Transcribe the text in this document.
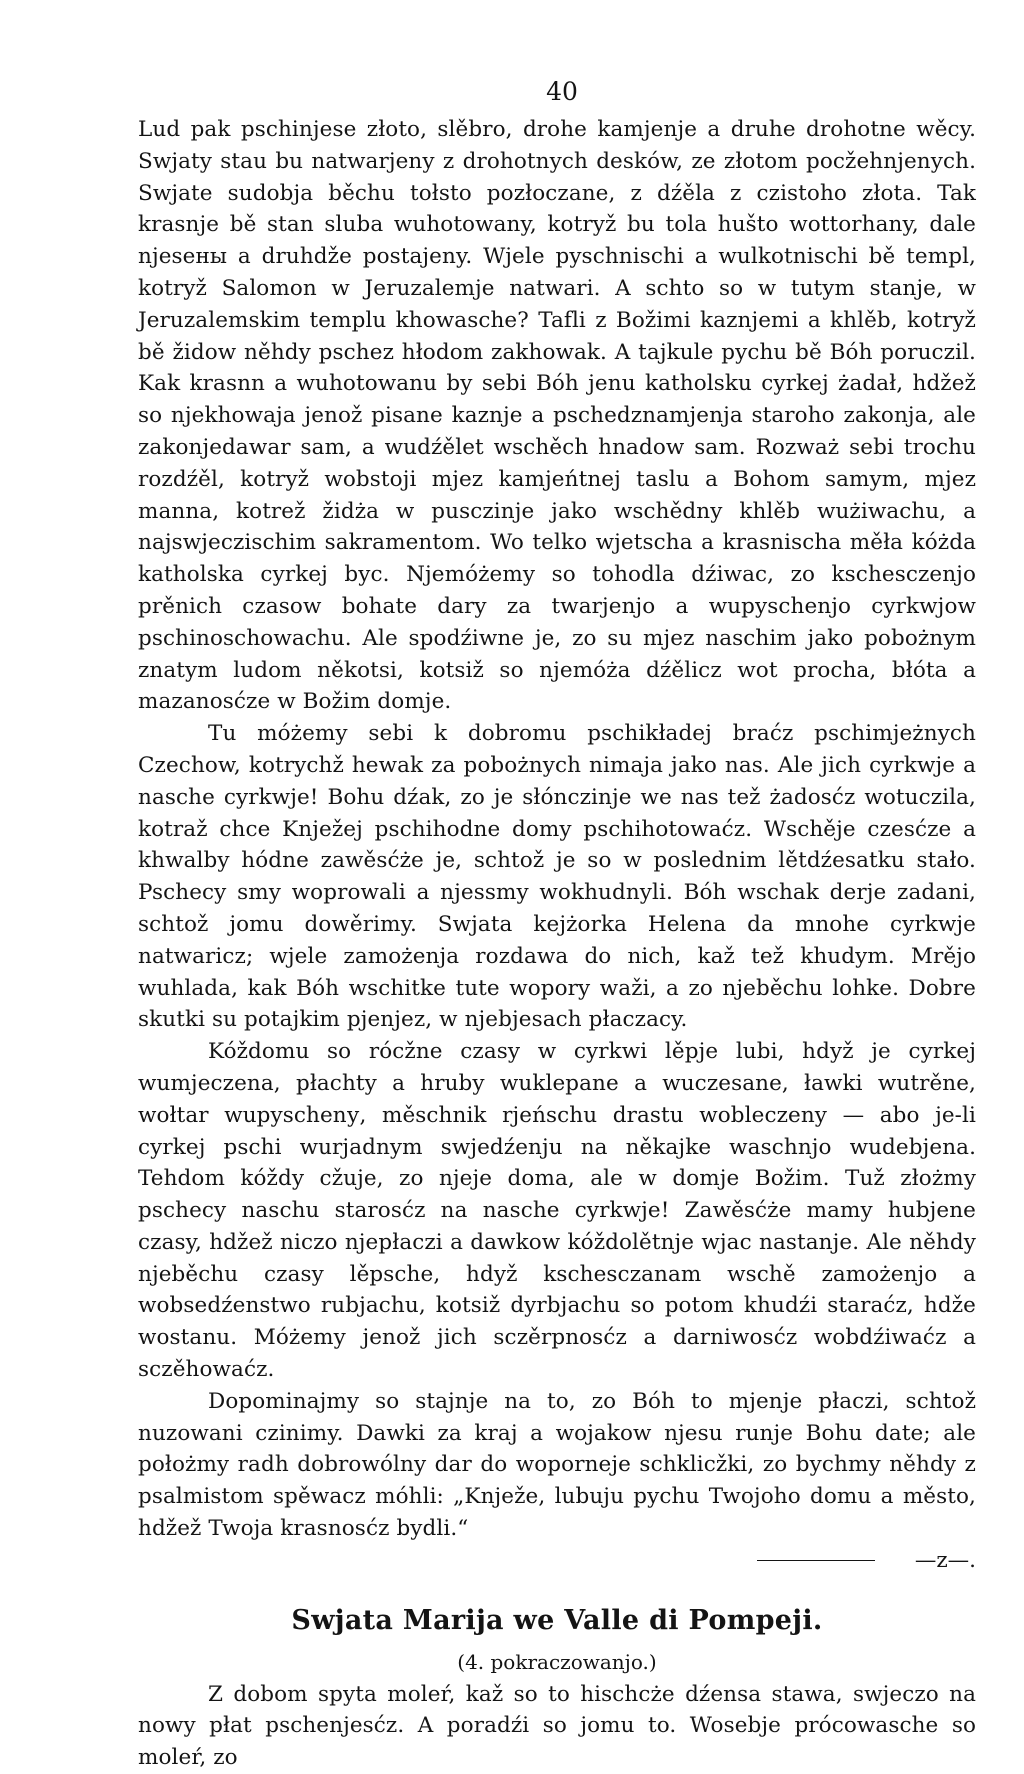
40

Lud pak pschinjese złoto, slěbro, drohe kamjenje a druhe drohotne wěcy. Swjaty stau bu natwarjeny z drohotnych desków, ze złotom pocžehnjenych. Swjate sudobja běchu tołsto pozłoczane, z dźěla z czistoho złota. Tak krasnje bě stan sluba wuhotowany, kotryž bu tola hušto wottorhany, dale njesены a druhdže postajeny. Wjele pyschnischi a wulkotnischi bě templ, kotryž Salomon w Jeruzalemje natwari. A schto so w tutym stanje, w Jeruzalemskim templu khowasche? Tafli z Božimi kaznjemi a khlěb, kotryž bě židow něhdy pschez hłodom zakhowak. A tajkule pychu bě Bóh poruczil. Kak krasnn a wuhotowanu by sebi Bóh jenu katholsku cyrkej żadał, hdžež so njekhowaja jenož pisane kaznje a pschedznamjenja staroho zakonja, ale zakonjedawar sam, a wudźělet wschěch hnadow sam. Rozważ sebi trochu rozdźěl, kotryž wobstoji mjez kamjeńtnej taslu a Bohom samym, mjez manna, kotrež židża w pusczinje jako wschědny khlěb wużiwachu, a najswjeczischim sakramentom. Wo telko wjetscha a krasnischa měła kóżda katholska cyrkej byc. Njemóżemy so tohodla dźiwac, zo kschesczenjo prěnich czasow bohate dary za twarjenjo a wupyschenjo cyrkwjow pschinoschowachu. Ale spodźiwne je, zo su mjez naschim jako pobożnym znatym ludom někotsi, kotsiž so njemóża dźělicz wot procha, błóta a mazanosćze w Božim domje.

Tu móżemy sebi k dobromu pschikładej braćz pschimjeżnych Czechow, kotrychž hewak za pobożnych nimaja jako nas. Ale jich cyrkwje a nasche cyrkwje! Bohu dźak, zo je słónczinje we nas tež żadosćz wotuczila, kotraž chce Knježej pschihodne domy pschihotowaćz. Wschěje czesćze a khwalby hódne zawěsćże je, schtož je so w poslednim lětdźesatku stało. Pschecy smy woprowali a njessmy wokhudnyli. Bóh wschak derje zadani, schtož jomu dowěrimy. Swjata kejżorka Helena da mnohe cyrkwje natwaricz; wjele zamożenja rozdawa do nich, kaž tež khudym. Mrějo wuhlada, kak Bóh wschitke tute wopory waži, a zo njeběchu lohke. Dobre skutki su potajkim pjenjez, w njebjesach płaczacy.

Kóždomu so rócžne czasy w cyrkwi lěpje lubi, hdyž je cyrkej wumjeczena, płachty a hruby wuklepane a wuczesane, ławki wutrěne, wołtar wupyschenу, měschnik rjeńschu drastu woblеczeny — abo je-li cyrkej pschi wurjadnym swjedźenju na někajke waschnjo wudebjena. Tehdom kóždy cžuje, zo njeje doma, ale w domje Božim. Tuž złożmy pschecy naschu starosćz na nasche cyrkwje! Zawěsćże mamy hubjene czasy, hdžež niczo njepłaczi a dawkow kóždolětnje wjac nastanje. Ale něhdy njeběchu czasy lěpsche, hdyž kschesczanam wschě zamożenjo a wobsedźenstwo rubjachu, kotsiž dyrbjachu so potom khudźi staraćz, hdže wostanu. Móżemy jenož jich sczěrpnosćz a darniwosćz wobdźiwaćz a sczěhowaćz.

Dopominajmy so stajnje na to, zo Bóh to mjenje płaczi, schtož nuzowani czinimy. Dawki za kraj a wojakow njesu runje Bohu date; ale położmy radh dobrowólny dar do woporneje schklicžki, zo bychmy něhdy z psalmistom spěwacz móhli: „Knježe, lubuju pychu Twojoho domu a město, hdžež Twoja krasnosćz bydli.“

—z—.
Swjata Marija we Valle di Pompeji.
(4. pokraczowanjo.)

Z dobom spyta moleŕ, kaž so to hischcże dźensa stawa, swjeczo na nowy płat pschenjesćz. A poradźi so jomu to. Wosebje prócowasche so moleŕ, zo
